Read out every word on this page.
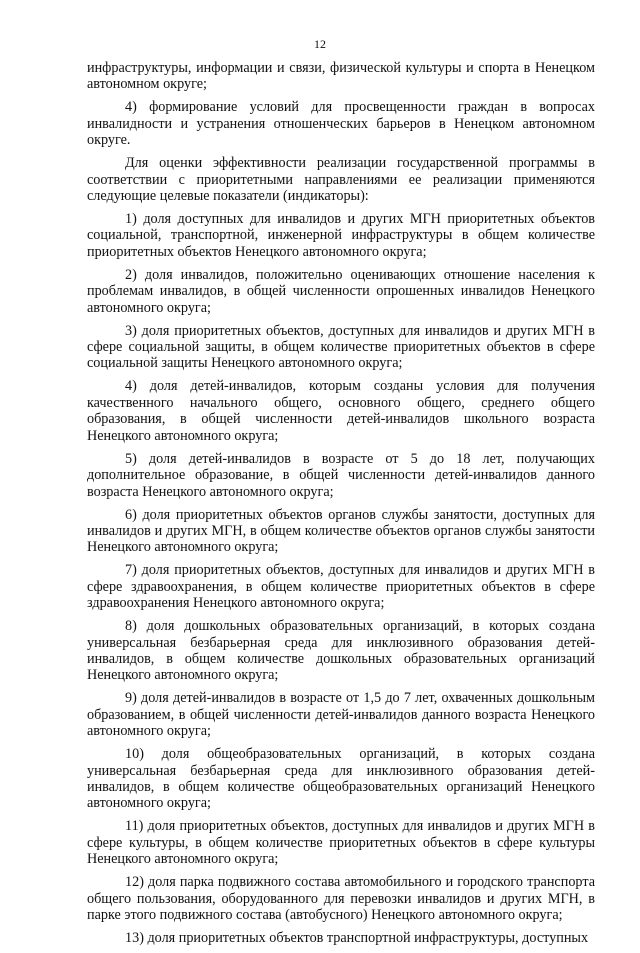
12

инфраструктуры, информации и связи, физической культуры и спорта в Ненецком автономном округе;

4) формирование условий для просвещенности граждан в вопросах инвалидности и устранения отношенческих барьеров в Ненецком автономном округе.

Для оценки эффективности реализации государственной программы в соответствии с приоритетными направлениями ее реализации применяются следующие целевые показатели (индикаторы):

1) доля доступных для инвалидов и других МГН приоритетных объектов социальной, транспортной, инженерной инфраструктуры в общем количестве приоритетных объектов Ненецкого автономного округа;

2) доля инвалидов, положительно оценивающих отношение населения к проблемам инвалидов, в общей численности опрошенных инвалидов Ненецкого автономного округа;

3) доля приоритетных объектов, доступных для инвалидов и других МГН в сфере социальной защиты, в общем количестве приоритетных объектов в сфере социальной защиты Ненецкого автономного округа;

4) доля детей-инвалидов, которым созданы условия для получения качественного начального общего, основного общего, среднего общего образования, в общей численности детей-инвалидов школьного возраста Ненецкого автономного округа;

5) доля детей-инвалидов в возрасте от 5 до 18 лет, получающих дополнительное образование, в общей численности детей-инвалидов данного возраста Ненецкого автономного округа;

6) доля приоритетных объектов органов службы занятости, доступных для инвалидов и других МГН, в общем количестве объектов органов службы занятости Ненецкого автономного округа;

7) доля приоритетных объектов, доступных для инвалидов и других МГН в сфере здравоохранения, в общем количестве приоритетных объектов в сфере здравоохранения Ненецкого автономного округа;

8) доля дошкольных образовательных организаций, в которых создана универсальная безбарьерная среда для инклюзивного образования детей-инвалидов, в общем количестве дошкольных образовательных организаций Ненецкого автономного округа;

9) доля детей-инвалидов в возрасте от 1,5 до 7 лет, охваченных дошкольным образованием, в общей численности детей-инвалидов данного возраста Ненецкого автономного округа;

10) доля общеобразовательных организаций, в которых создана универсальная безбарьерная среда для инклюзивного образования детей-инвалидов, в общем количестве общеобразовательных организаций Ненецкого автономного округа;

11) доля приоритетных объектов, доступных для инвалидов и других МГН в сфере культуры, в общем количестве приоритетных объектов в сфере культуры Ненецкого автономного округа;

12) доля парка подвижного состава автомобильного и городского транспорта общего пользования, оборудованного для перевозки инвалидов и других МГН, в парке этого подвижного состава (автобусного) Ненецкого автономного округа;

13) доля приоритетных объектов транспортной инфраструктуры, доступных
